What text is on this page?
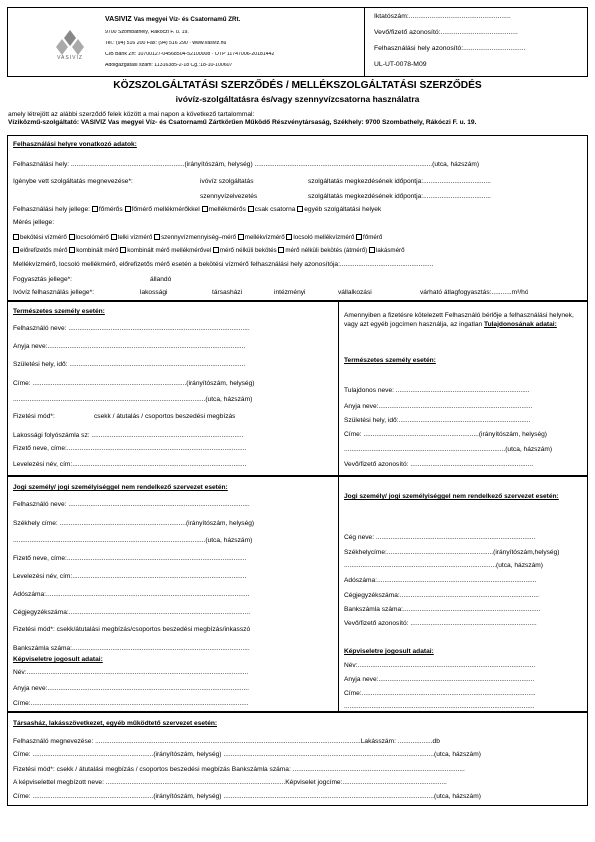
VASIVÍZ
VASIVÍZ Vas megyei Víz- és Csatornamű ZRt.
9700 Szombathely, Rákóczi F. u. 19.
Tel.: (94) 516 200 Fax: (94) 516 290 · www.vasviz.hu
CIB Bank Zrt: 10700127-04568504-52100008 · OTP 11747006-20181442
Adóigazgatási szám: 11316385-2-18 Cg.:18-10-100607
Iktatószám:......................................................
Vevő/fizető azonosító:.........................................
Felhasználási hely azonosító:.................................
UL-UT-0078-M09
KÖZSZOLGÁLTATÁSI SZERZŐDÉS / MELLÉKSZOLGÁLTATÁSI SZERZŐDÉS
ivóvíz-szolgáltatásra és/vagy szennyvízcsatorna használatra
amely létrejött az alábbi szerződő felek között a mai napon a következő tartalommal:
Víziközmű-szolgáltató: VASIVÍZ Vas megyei Víz- és Csatornamű Zártkörűen Működő Részvénytársaság, Székhely: 9700 Szombathely, Rákóczi F. u. 19.
Felhasználási helyre vonatkozó adatok:
Felhasználási hely: ..............................................................(irányítószám, helység) .................................................................................................(utca, házszám)
Igénybe vett szolgáltatás megnevezése*:	ivóvíz szolgáltatás	szolgáltatás megkezdésének időpontja:.....................................
szennyvízelvezetés	szolgáltatás megkezdésének időpontja:.....................................
Felhasználási hely jellege: főmérős főmérő mellékmérőkkel mellékmérős csak csatorna egyéb szolgáltatási helyek
Mérés jellege:
bekötési vízmérő locsolómérő telki vízmérő szennyvízmennyiség–mérő mellékvízmérő locsoló mellékvízmérő főmérő
előrefizetős mérő kombinált mérő kombinált mérő mellékmérővel mérő nélküli bekötés mérő nélküli bekötés (átmérő) lakásmérő
Mellékvízmérő, locsoló mellékmérő, előrefizetős mérő esetén a bekötési vízmérő felhasználási hely azonosítója:...................................................
Fogyasztás jellege*:	állandó
Ivóvíz felhasználás jellege*:	lakossági	társasházi	intézményi	vállalkozási	várható átlagfogyasztás:...........m³/hó
Természetes személy esetén:
Felhasználó neve: ...................................................................................................
Anyja neve:............................................................................................................
Születési hely, idő: ................................................................................................
Címe: ....................................................................................(irányítószám, helység)
.........................................................................................................(utca, házszám)
Fizetési mód*:	csekk / átutalás / csoportos beszedési megbízás
Lakossági folyószámla sz: ...................................................................................
Fizető neve, címe:..................................................................................................
Levelezési név, cím:...............................................................................................
Amennyiben a fizetésre kötelezett Felhasználó bérlője a felhasználási helynek, vagy azt egyéb jogcímen használja, az ingatlan Tulajdonosának adatai:
Természetes személy esetén:
Tulajdonos neve: .........................................................................
Anyja neve:....................................................................................
Születési hely, idő:........................................................................
Címe: ...............................................................(irányítószám, helység)
........................................................................................(utca, házszám)
Vevő/fizető azonosító: ...................................................................
Jogi személy/ jogi személyiséggel nem rendelkező szervezet esetén:
Felhasználó neve: ...................................................................................................
Székhely címe: .....................................................................(irányítószám, helység)
.........................................................................................................(utca, házszám)
Fizető neve, címe:..................................................................................................
Levelezési név, cím:...............................................................................................
Adószáma:...............................................................................................................
Cégjegyzékszáma:...................................................................................................
Fizetési mód*: csekk/átutalási megbízás/csoportos beszedési megbízás/inkasszó
Bankszámla száma:.................................................................................................
Képviseletre jogosult adatai:
Név:.........................................................................................................................
Anyja neve:..............................................................................................................
Címe:.......................................................................................................................
Jogi személy/ jogi személyiséggel nem rendelkező szervezet esetén:
Cég neve: .......................................................................................
Székhelycíme:..........................................................(irányítószám,helység)
...................................................................................(utca, házszám)
Adószáma:.......................................................................................
Cégjegyzékszáma:............................................................................
Bankszámla száma:...........................................................................
Vevő/fizető azonosító: .....................................................................
Képviseletre jogosult adatai:
Név:.................................................................................................
Anyja neve:.....................................................................................
Címe:...............................................................................................
........................................................................................................
Társasház, lakásszövetkezet, egyéb működtető szervezet esetén:
Felhasználó megnevezése: .................................................................................................................................................Lakásszám: ...................db
Címe: ..................................................................(irányítószám, helység) ...................................................................................................................(utca, házszám)
Fizetési mód*: csekk / átutalási megbízás / csoportos beszedési megbízás Bankszámla száma: ..............................................................................................
A képviselettel megbízott neve: ..................................................................................................Képviselet jogcíme:.........................................................
Címe: ..................................................................(irányítószám, helység) ...................................................................................................................(utca, házszám)
